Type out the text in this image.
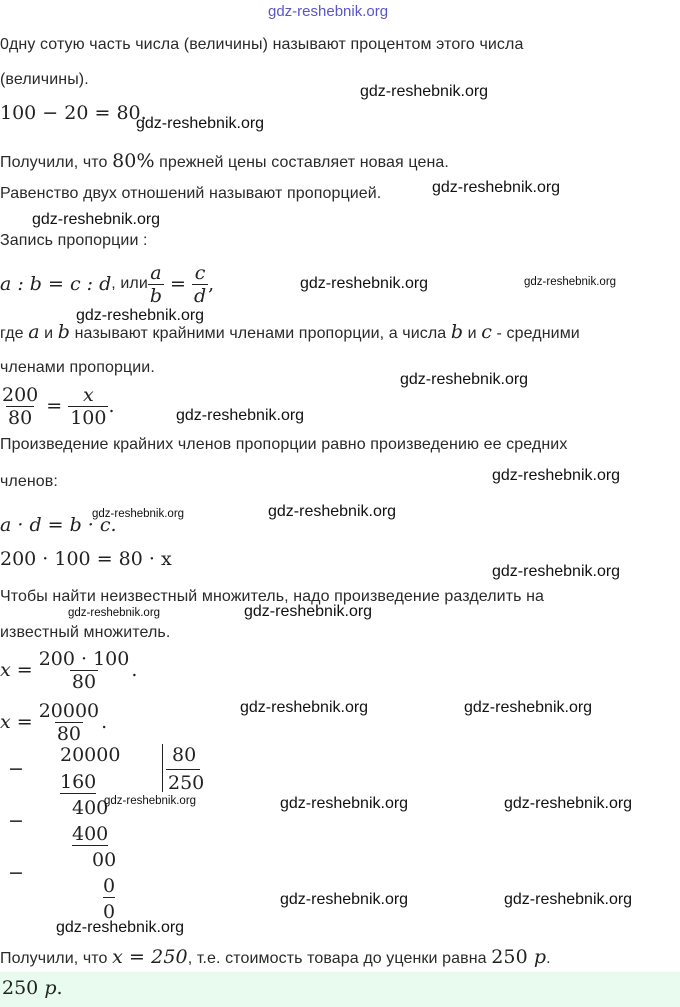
gdz-reshebnik.org
0дну сотую часть числа (величины) называют процентом этого числа
(величины).
100 − 20 = 80.
Получили, что 80% прежней цены составляет новая цена.
Равенство двух отношений называют пропорцией.
Запись пропорции :
a : b = c : d , или $\frac{a}{b} = \frac{c}{d}$ ,
где a и b называют крайними членами пропорции, а числа b и c - средними
членами пропорции.
$\frac{200}{80} = \frac{x}{100}$ .
Произведение крайних членов пропорции равно произведению ее средних
членов:
a · d = b · c.
200 · 100 = 80 · x
Чтобы найти неизвестный множитель, надо произведение разделить на
известный множитель.
$x = \frac{200 \cdot 100}{80}$ .
$x = \frac{20000}{80}$ .
−
20000
160
80
250
400
−
400
00
−
0
0
Получили, что x = 250, т.е. стоимость товара до уценки равна 250 р.
250 р.
gdz-reshebnik.org
gdz-reshebnik.org
gdz-reshebnik.org
gdz-reshebnik.org
gdz-reshebnik.org	gdz-reshebnik.org
gdz-reshebnik.org
gdz-reshebnik.org
gdz-reshebnik.org
gdz-reshebnik.org
gdz-reshebnik.org	gdz-reshebnik.org
gdz-reshebnik.org
gdz-reshebnik.org	gdz-reshebnik.org
gdz-reshebnik.org	gdz-reshebnik.org
gdz-reshebnik.org	gdz-reshebnik.org	gdz-reshebnik.org
gdz-reshebnik.org	gdz-reshebnik.org
gdz-reshebnik.org
